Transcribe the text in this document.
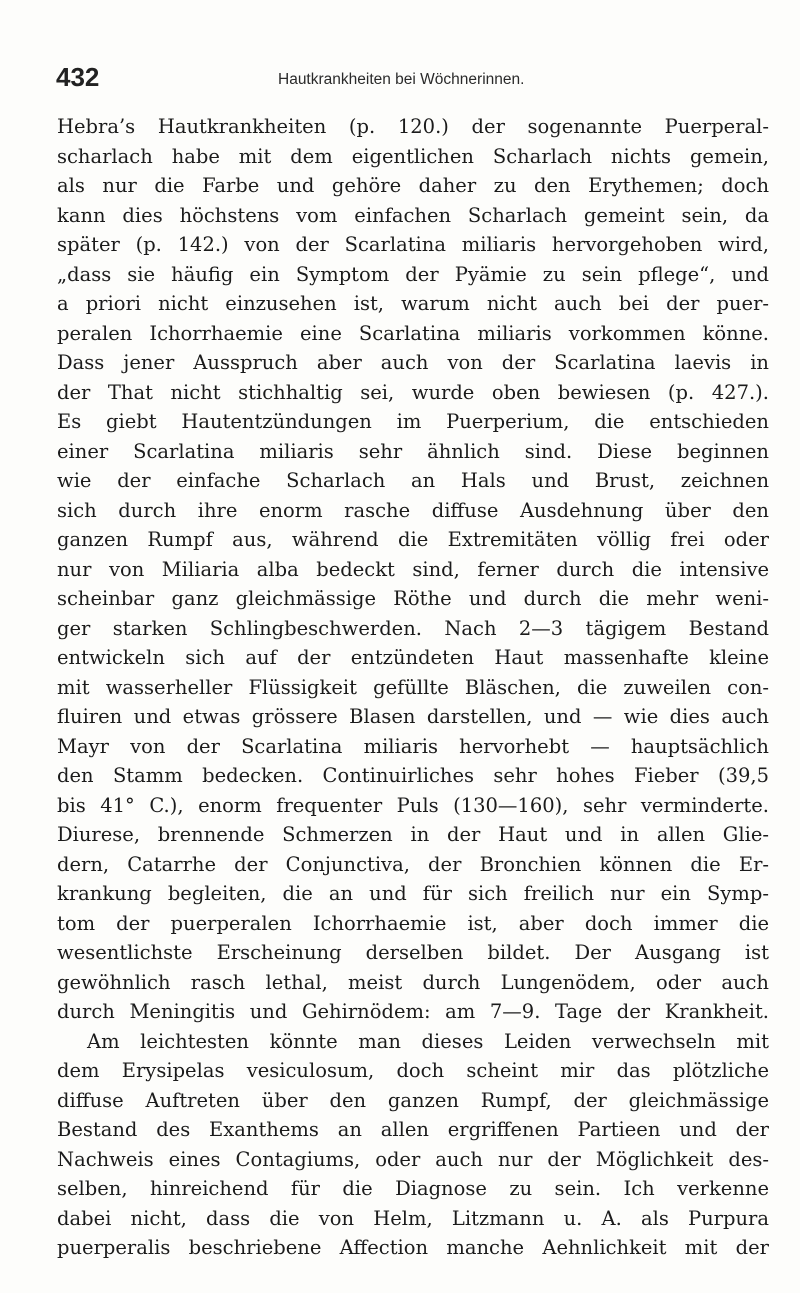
432	Hautkrankheiten bei Wöchnerinnen.
Hebra’s Hautkrankheiten (p. 120.) der sogenannte Puerperal-
scharlach habe mit dem eigentlichen Scharlach nichts gemein,
als nur die Farbe und gehöre daher zu den Erythemen; doch
kann dies höchstens vom einfachen Scharlach gemeint sein, da
später (p. 142.) von der Scarlatina miliaris hervorgehoben wird,
„dass sie häufig ein Symptom der Pyämie zu sein pflege“, und
a priori nicht einzusehen ist, warum nicht auch bei der puer-
peralen Ichorrhaemie eine Scarlatina miliaris vorkommen könne.
Dass jener Ausspruch aber auch von der Scarlatina laevis in
der That nicht stichhaltig sei, wurde oben bewiesen (p. 427.).
Es giebt Hautentzündungen im Puerperium, die entschieden
einer Scarlatina miliaris sehr ähnlich sind. Diese beginnen
wie der einfache Scharlach an Hals und Brust, zeichnen
sich durch ihre enorm rasche diffuse Ausdehnung über den
ganzen Rumpf aus, während die Extremitäten völlig frei oder
nur von Miliaria alba bedeckt sind, ferner durch die intensive
scheinbar ganz gleichmässige Röthe und durch die mehr weni-
ger starken Schlingbeschwerden. Nach 2—3 tägigem Bestand
entwickeln sich auf der entzündeten Haut massenhafte kleine
mit wasserheller Flüssigkeit gefüllte Bläschen, die zuweilen con-
fluiren und etwas grössere Blasen darstellen, und — wie dies auch
Mayr von der Scarlatina miliaris hervorhebt — hauptsächlich
den Stamm bedecken. Continuirliches sehr hohes Fieber (39,5
bis 41° C.), enorm frequenter Puls (130—160), sehr verminderte.
Diurese, brennende Schmerzen in der Haut und in allen Glie-
dern, Catarrhe der Conjunctiva, der Bronchien können die Er-
krankung begleiten, die an und für sich freilich nur ein Symp-
tom der puerperalen Ichorrhaemie ist, aber doch immer die
wesentlichste Erscheinung derselben bildet. Der Ausgang ist
gewöhnlich rasch lethal, meist durch Lungenödem, oder auch
durch Meningitis und Gehirnödem: am 7—9. Tage der Krankheit.
Am leichtesten könnte man dieses Leiden verwechseln mit
dem Erysipelas vesiculosum, doch scheint mir das plötzliche
diffuse Auftreten über den ganzen Rumpf, der gleichmässige
Bestand des Exanthems an allen ergriffenen Partieen und der
Nachweis eines Contagiums, oder auch nur der Möglichkeit des-
selben, hinreichend für die Diagnose zu sein. Ich verkenne
dabei nicht, dass die von Helm, Litzmann u. A. als Purpura
puerperalis beschriebene Affection manche Aehnlichkeit mit der
